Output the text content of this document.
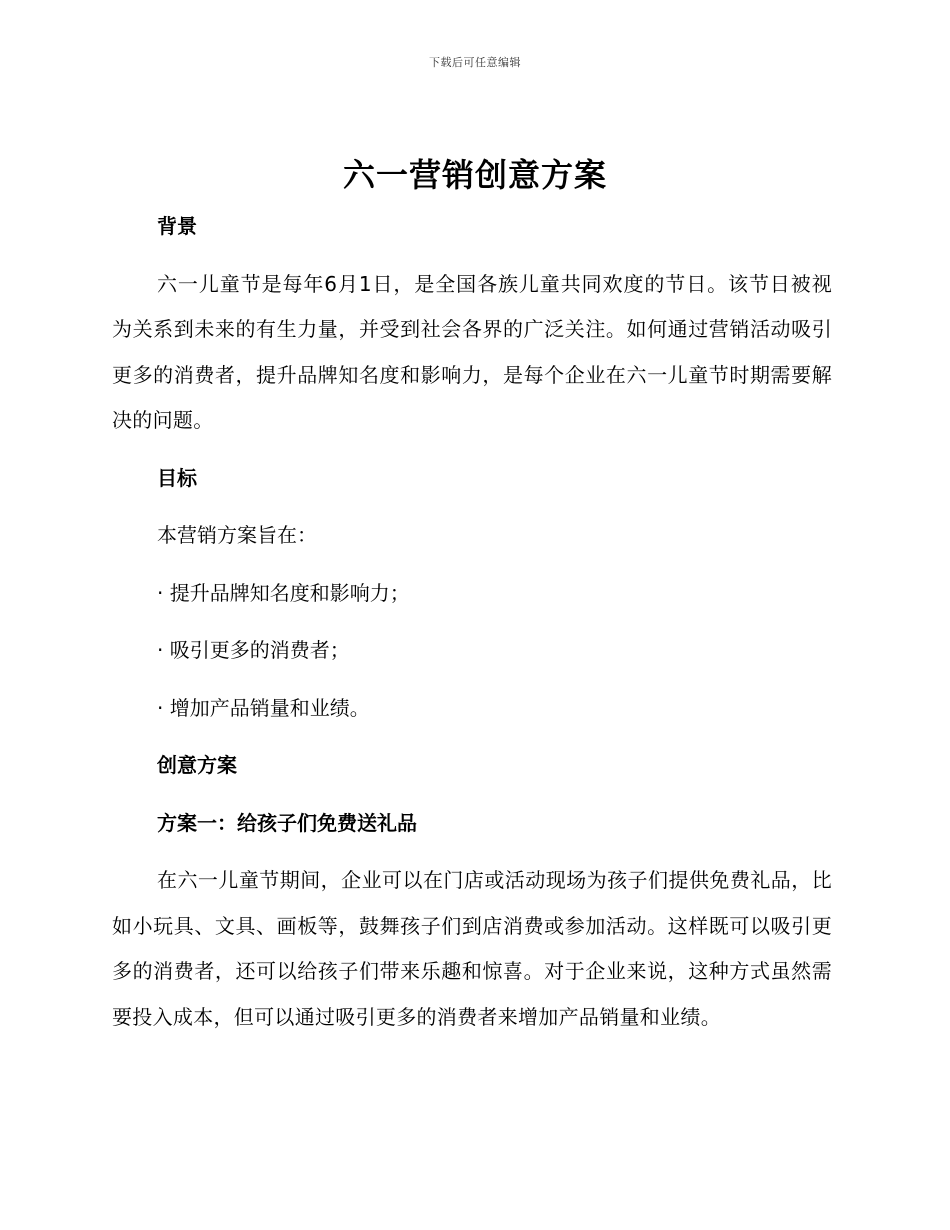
下载后可任意编辑
六一营销创意方案

背景

六一儿童节是每年6月1日，是全国各族儿童共同欢度的节日。该节日被视为关系到未来的有生力量，并受到社会各界的广泛关注。如何通过营销活动吸引更多的消费者，提升品牌知名度和影响力，是每个企业在六一儿童节时期需要解决的问题。

目标

本营销方案旨在：

· 提升品牌知名度和影响力；

· 吸引更多的消费者；

· 增加产品销量和业绩。

创意方案

方案一：给孩子们免费送礼品

在六一儿童节期间，企业可以在门店或活动现场为孩子们提供免费礼品，比如小玩具、文具、画板等，鼓舞孩子们到店消费或参加活动。这样既可以吸引更多的消费者，还可以给孩子们带来乐趣和惊喜。对于企业来说，这种方式虽然需要投入成本，但可以通过吸引更多的消费者来增加产品销量和业绩。
